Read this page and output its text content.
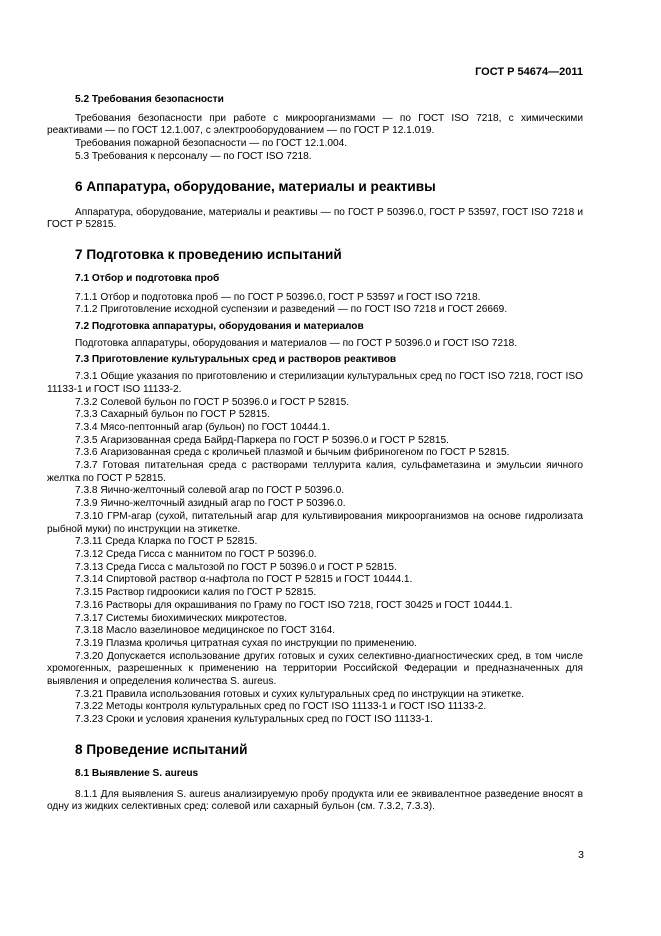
ГОСТ Р 54674—2011

5.2 Требования безопасности

Требования безопасности при работе с микроорганизмами — по ГОСТ ISO 7218, с химическими реактивами — по ГОСТ 12.1.007, с электрооборудованием — по ГОСТ Р 12.1.019.

Требования пожарной безопасности — по ГОСТ 12.1.004.

5.3 Требования к персоналу — по ГОСТ ISO 7218.

6 Аппаратура, оборудование, материалы и реактивы

Аппаратура, оборудование, материалы и реактивы — по ГОСТ Р 50396.0, ГОСТ Р 53597, ГОСТ ISO 7218 и ГОСТ Р 52815.

7 Подготовка к проведению испытаний

7.1 Отбор и подготовка проб

7.1.1 Отбор и подготовка проб — по ГОСТ Р 50396.0, ГОСТ Р 53597 и ГОСТ ISO 7218.

7.1.2 Приготовление исходной суспензии и разведений — по ГОСТ ISO 7218 и ГОСТ 26669.

7.2 Подготовка аппаратуры, оборудования и материалов

Подготовка аппаратуры, оборудования и материалов — по ГОСТ Р 50396.0 и ГОСТ ISO 7218.

7.3 Приготовление культуральных сред и растворов реактивов

7.3.1 Общие указания по приготовлению и стерилизации культуральных сред по ГОСТ ISO 7218, ГОСТ ISO 11133-1 и ГОСТ ISO 11133-2.

7.3.2 Солевой бульон по ГОСТ Р 50396.0 и ГОСТ Р 52815.

7.3.3 Сахарный бульон по ГОСТ Р 52815.

7.3.4 Мясо-пептонный агар (бульон) по ГОСТ 10444.1.

7.3.5 Агаризованная среда Байрд-Паркера по ГОСТ Р 50396.0 и ГОСТ Р 52815.

7.3.6 Агаризованная среда с кроличьей плазмой и бычьим фибриногеном по ГОСТ Р 52815.

7.3.7 Готовая питательная среда с растворами теллурита калия, сульфаметазина и эмульсии яичного желтка по ГОСТ Р 52815.

7.3.8 Яично-желточный солевой агар по ГОСТ Р 50396.0.

7.3.9 Яично-желточный азидный агар по ГОСТ Р 50396.0.

7.3.10 ГРМ-агар (сухой, питательный агар для культивирования микроорганизмов на основе гидролизата рыбной муки) по инструкции на этикетке.

7.3.11 Среда Кларка по ГОСТ Р 52815.

7.3.12 Среда Гисса с маннитом по ГОСТ Р 50396.0.

7.3.13 Среда Гисса с мальтозой по ГОСТ Р 50396.0 и ГОСТ Р 52815.

7.3.14 Спиртовой раствор α-нафтола по ГОСТ Р 52815 и ГОСТ 10444.1.

7.3.15 Раствор гидроокиси калия по ГОСТ Р 52815.

7.3.16 Растворы для окрашивания по Граму по ГОСТ ISO 7218, ГОСТ 30425 и ГОСТ 10444.1.

7.3.17 Системы биохимических микротестов.

7.3.18 Масло вазелиновое медицинское по ГОСТ 3164.

7.3.19 Плазма кроличья цитратная сухая по инструкции по применению.

7.3.20 Допускается использование других готовых и сухих селективно-диагностических сред, в том числе хромогенных, разрешенных к применению на территории Российской Федерации и предназначенных для выявления и определения количества S. aureus.

7.3.21 Правила использования готовых и сухих культуральных сред по инструкции на этикетке.

7.3.22 Методы контроля культуральных сред по ГОСТ ISO 11133-1 и ГОСТ ISO 11133-2.

7.3.23 Сроки и условия хранения культуральных сред по ГОСТ ISO 11133-1.

8 Проведение испытаний

8.1 Выявление S. aureus

8.1.1 Для выявления S. aureus анализируемую пробу продукта или ее эквивалентное разведение вносят в одну из жидких селективных сред: солевой или сахарный бульон (см. 7.3.2, 7.3.3).

3
